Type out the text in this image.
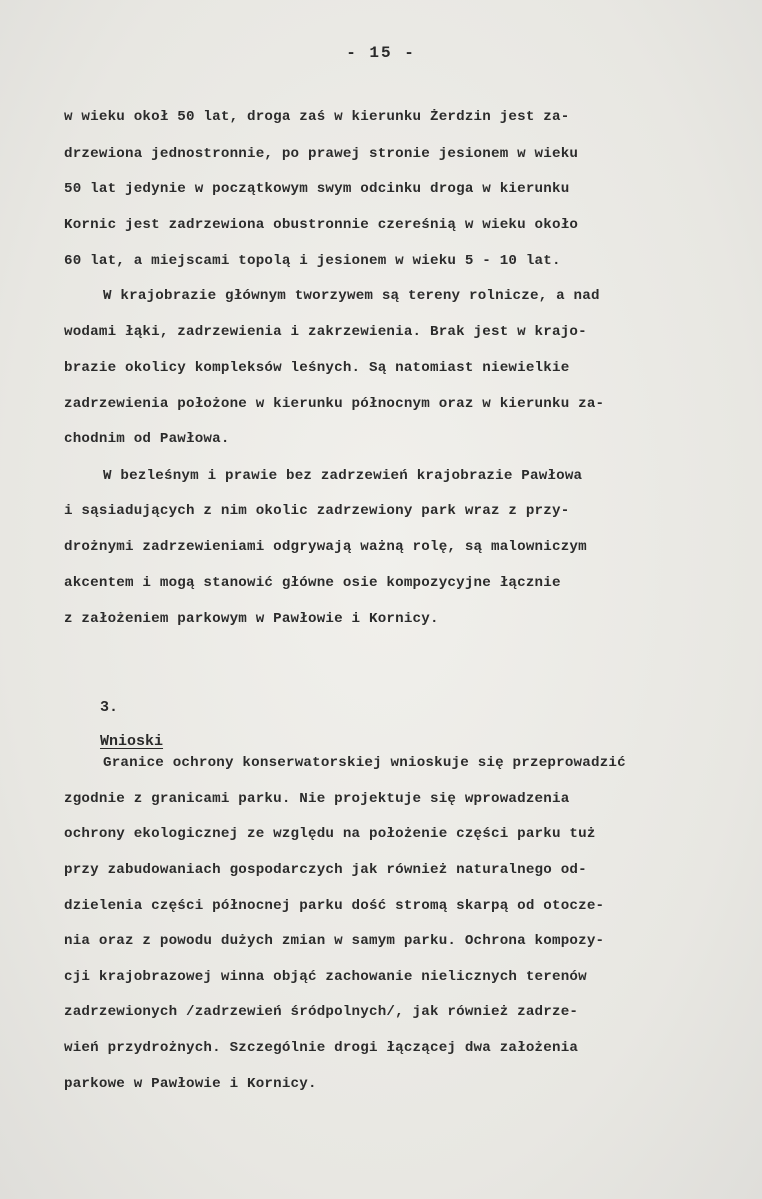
- 15 -
w wieku okoł 50 lat, droga zaś w kierunku Żerdzin jest za-
drzewiona jednostronnie, po prawej stronie jesionem w wieku
50 lat jedynie w początkowym swym odcinku droga w kierunku
Kornic jest zadrzewiona obustronnie czereśnią w wieku około
60 lat, a miejscami topolą i jesionem w wieku 5 - 10 lat.
W krajobrazie głównym tworzywem są tereny rolnicze, a nad
wodami łąki, zadrzewienia i zakrzewienia. Brak jest w krajo-
brazie okolicy kompleksów leśnych. Są natomiast niewielkie
zadrzewienia położone w kierunku północnym oraz w kierunku za-
chodnim od Pawłowa.
W bezleśnym i prawie bez zadrzewień krajobrazie Pawłowa
i sąsiadujących z nim okolic zadrzewiony park wraz z przy-
drożnymi zadrzewieniami odgrywają ważną rolę, są malowniczym
akcentem i mogą stanowić główne osie kompozycyjne łącznie
z założeniem parkowym w Pawłowie i Kornicy.

3.

Wnioski

Granice ochrony konserwatorskiej wnioskuje się przeprowadzić
zgodnie z granicami parku. Nie projektuje się wprowadzenia
ochrony ekologicznej ze względu na położenie części parku tuż
przy zabudowaniach gospodarczych jak również naturalnego od-
dzielenia części północnej parku dość stromą skarpą od otocze-
nia oraz z powodu dużych zmian w samym parku. Ochrona kompozy-
cji krajobrazowej winna objąć zachowanie nielicznych terenów
zadrzewionych /zadrzewień śródpolnych/, jak również zadrze-
wień przydrożnych. Szczególnie drogi łączącej dwa założenia
parkowe w Pawłowie i Kornicy.
